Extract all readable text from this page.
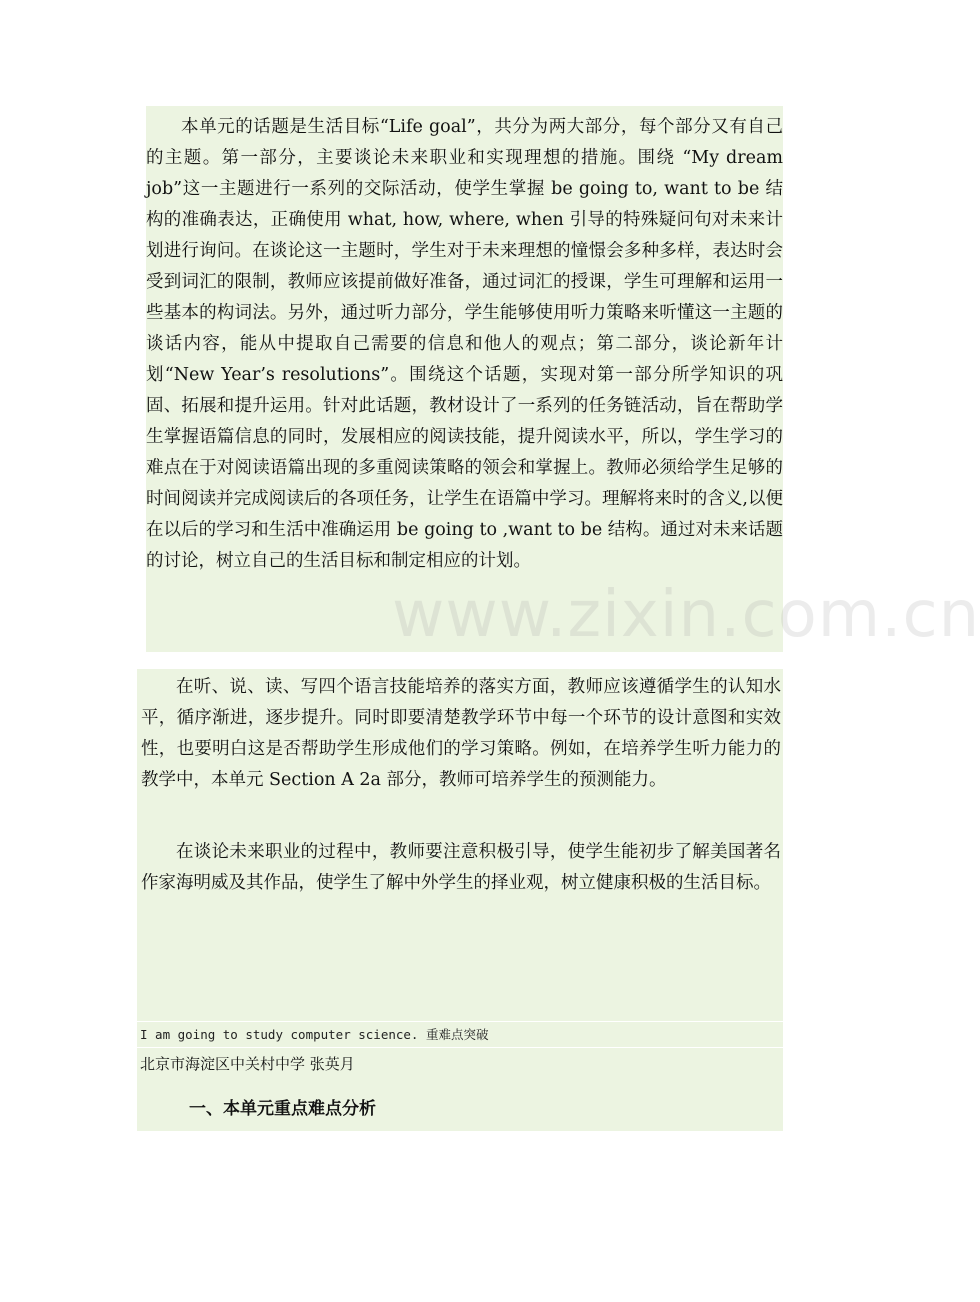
本单元的话题是生活目标“Life goal”，共分为两大部分，每个部分又有自己的主题。第一部分，主要谈论未来职业和实现理想的措施。围绕 “My dream job”这一主题进行一系列的交际活动，使学生掌握 be going to, want to be 结构的准确表达，正确使用 what, how, where, when 引导的特殊疑问句对未来计划进行询问。在谈论这一主题时，学生对于未来理想的憧憬会多种多样，表达时会受到词汇的限制，教师应该提前做好准备，通过词汇的授课，学生可理解和运用一些基本的构词法。另外，通过听力部分，学生能够使用听力策略来听懂这一主题的谈话内容，能从中提取自己需要的信息和他人的观点；第二部分，谈论新年计划“New Year’s resolutions”。围绕这个话题，实现对第一部分所学知识的巩固、拓展和提升运用。针对此话题，教材设计了一系列的任务链活动，旨在帮助学生掌握语篇信息的同时，发展相应的阅读技能，提升阅读水平，所以，学生学习的难点在于对阅读语篇出现的多重阅读策略的领会和掌握上。教师必须给学生足够的时间阅读并完成阅读后的各项任务，让学生在语篇中学习。理解将来时的含义,以便在以后的学习和生活中准确运用 be going to ,want to be 结构。通过对未来话题的讨论，树立自己的生活目标和制定相应的计划。

在听、说、读、写四个语言技能培养的落实方面，教师应该遵循学生的认知水平，循序渐进，逐步提升。同时即要清楚教学环节中每一个环节的设计意图和实效性，也要明白这是否帮助学生形成他们的学习策略。例如，在培养学生听力能力的教学中，本单元 Section A 2a 部分，教师可培养学生的预测能力。

在谈论未来职业的过程中，教师要注意积极引导，使学生能初步了解美国著名作家海明威及其作品，使学生了解中外学生的择业观，树立健康积极的生活目标。

I am going to study computer science. 重难点突破
北京市海淀区中关村中学 张英月
一、本单元重点难点分析
www.zixin.com.cn
